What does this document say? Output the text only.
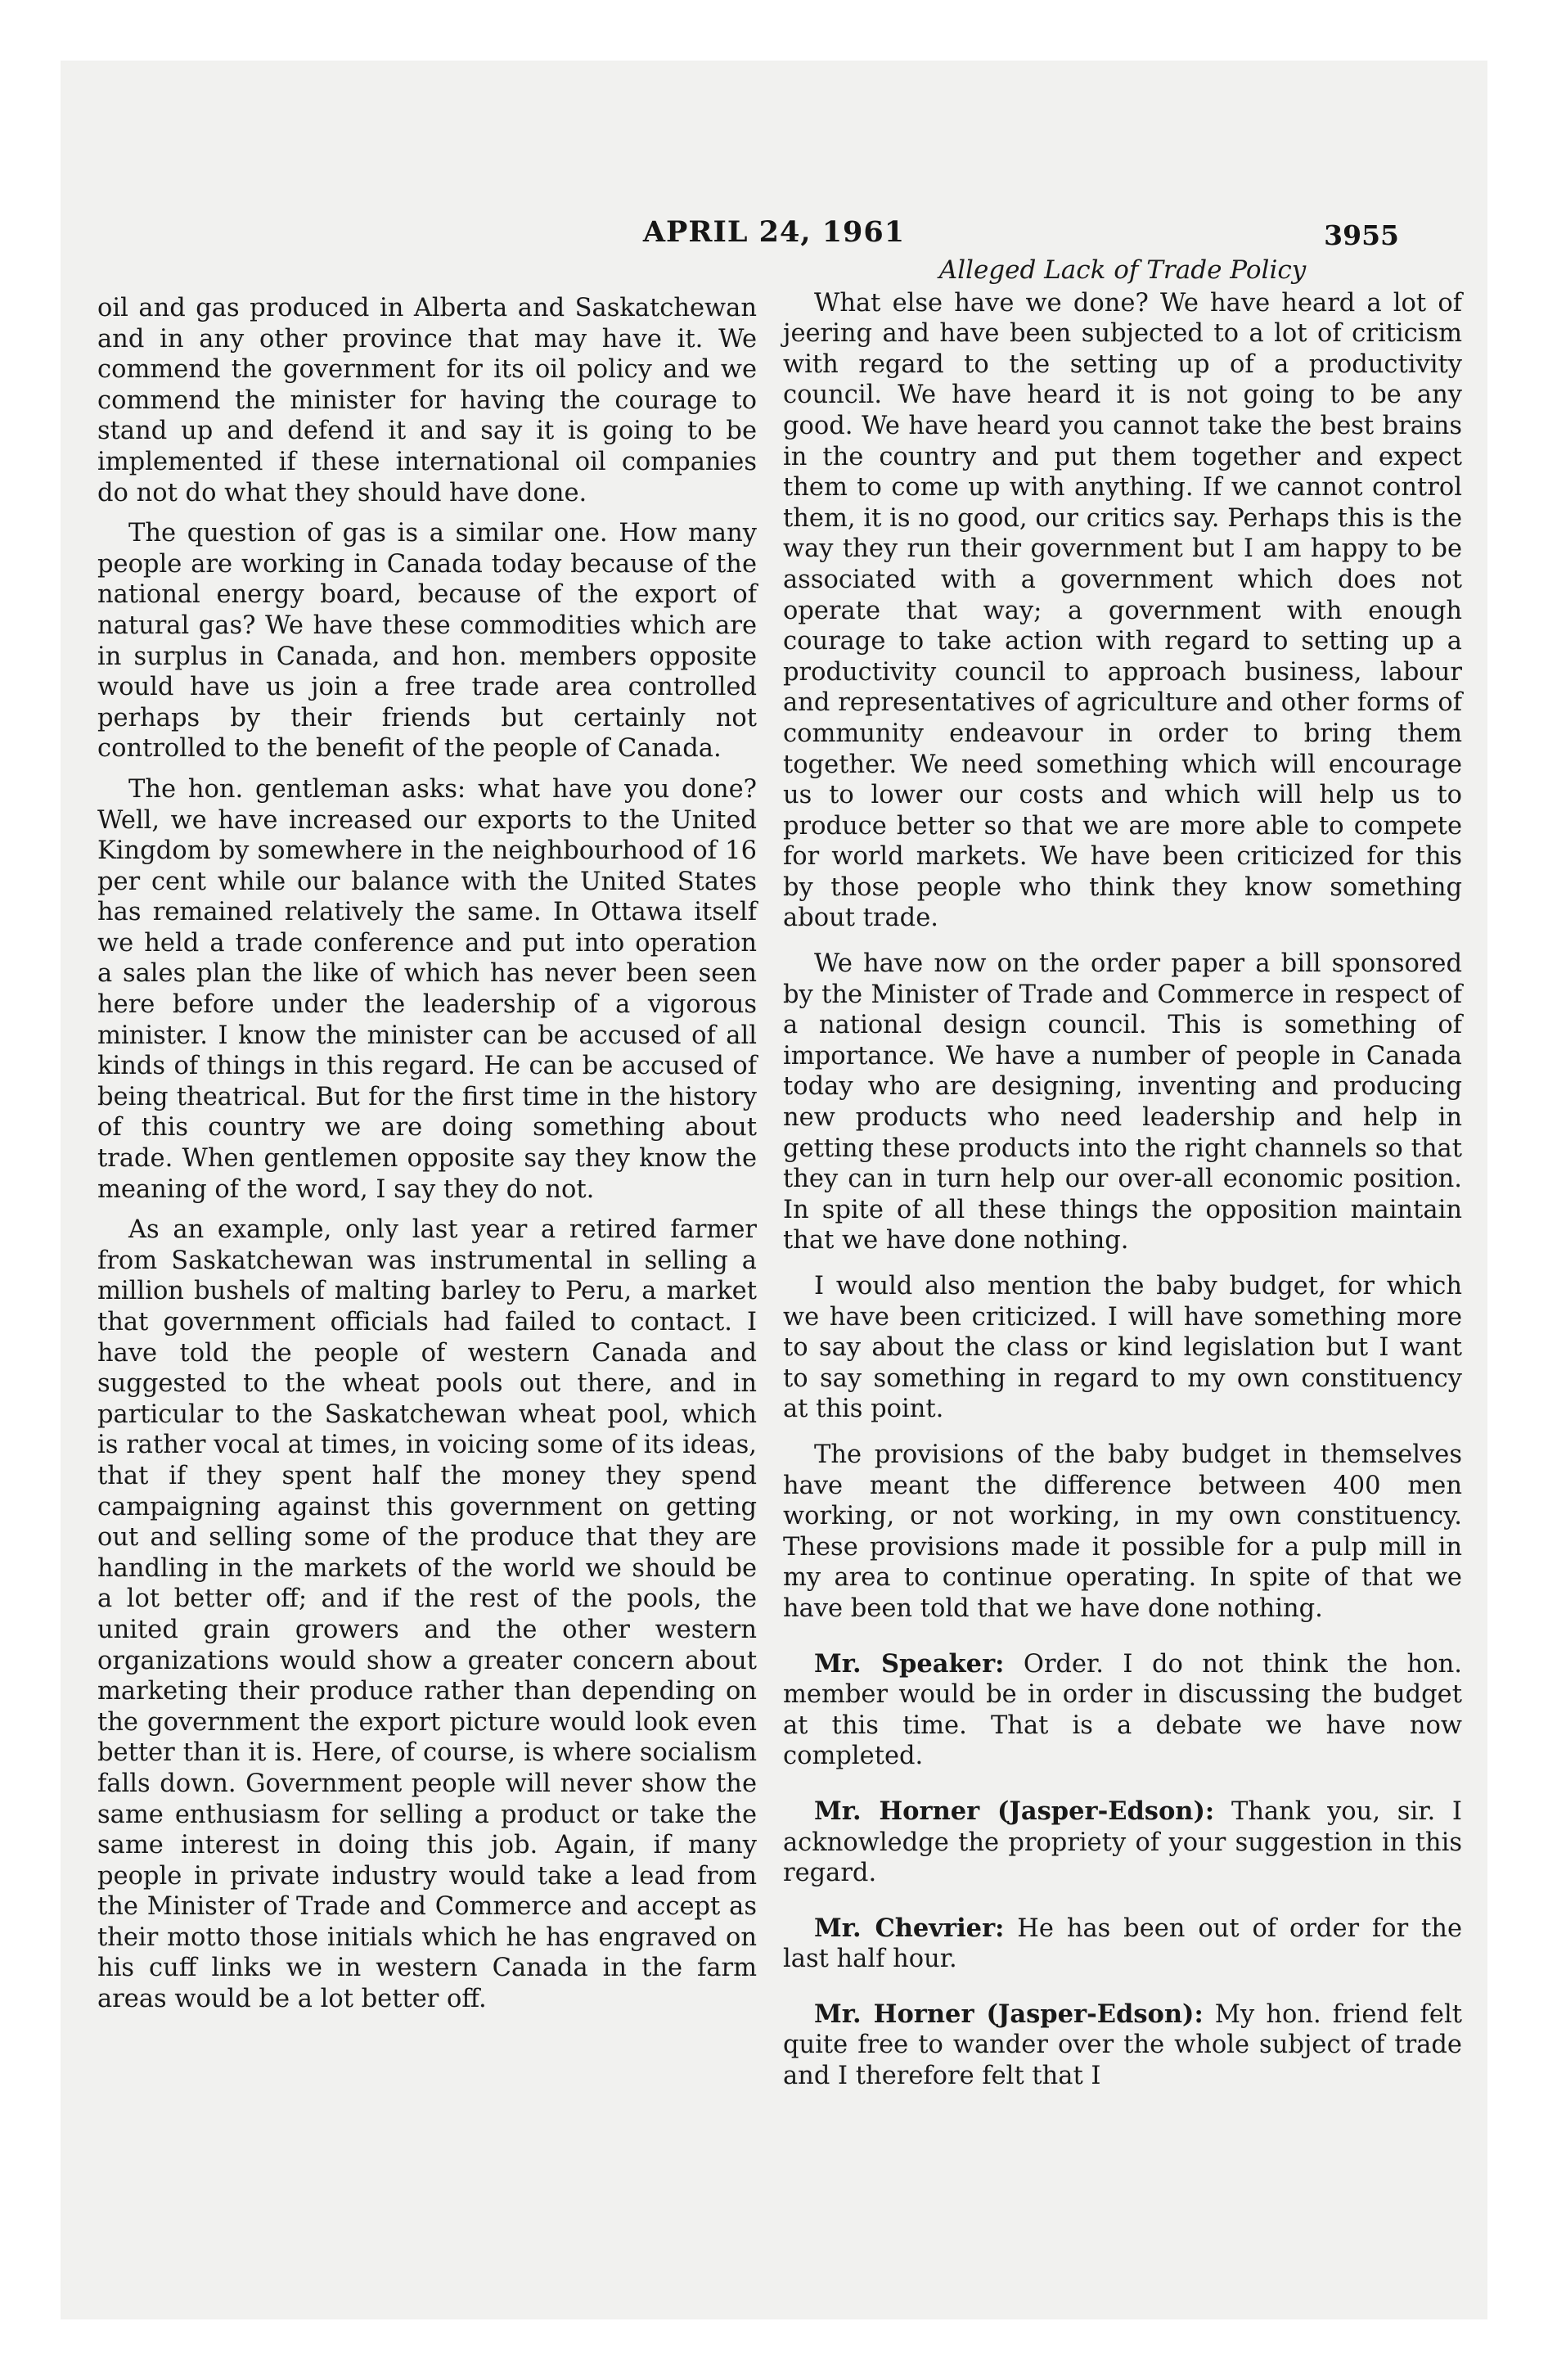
APRIL 24, 1961	3955

oil and gas produced in Alberta and Saskatchewan and in any other province that may have it. We commend the government for its oil policy and we commend the minister for having the courage to stand up and defend it and say it is going to be implemented if these international oil companies do not do what they should have done.

The question of gas is a similar one. How many people are working in Canada today because of the national energy board, because of the export of natural gas? We have these commodities which are in surplus in Canada, and hon. members opposite would have us join a free trade area controlled perhaps by their friends but certainly not controlled to the benefit of the people of Canada.

The hon. gentleman asks: what have you done? Well, we have increased our exports to the United Kingdom by somewhere in the neighbourhood of 16 per cent while our balance with the United States has remained relatively the same. In Ottawa itself we held a trade conference and put into operation a sales plan the like of which has never been seen here before under the leadership of a vigorous minister. I know the minister can be accused of all kinds of things in this regard. He can be accused of being theatrical. But for the first time in the history of this country we are doing something about trade. When gentlemen opposite say they know the meaning of the word, I say they do not.

As an example, only last year a retired farmer from Saskatchewan was instrumental in selling a million bushels of malting barley to Peru, a market that government officials had failed to contact. I have told the people of western Canada and suggested to the wheat pools out there, and in particular to the Saskatchewan wheat pool, which is rather vocal at times, in voicing some of its ideas, that if they spent half the money they spend campaigning against this government on getting out and selling some of the produce that they are handling in the markets of the world we should be a lot better off; and if the rest of the pools, the united grain growers and the other western organizations would show a greater concern about marketing their produce rather than depending on the government the export picture would look even better than it is. Here, of course, is where socialism falls down. Government people will never show the same enthusiasm for selling a product or take the same interest in doing this job. Again, if many people in private industry would take a lead from the Minister of Trade and Commerce and accept as their motto those initials which he has engraved on his cuff links we in western Canada in the farm areas would be a lot better off.

Alleged Lack of Trade Policy

What else have we done? We have heard a lot of jeering and have been subjected to a lot of criticism with regard to the setting up of a productivity council. We have heard it is not going to be any good. We have heard you cannot take the best brains in the country and put them together and expect them to come up with anything. If we cannot control them, it is no good, our critics say. Perhaps this is the way they run their government but I am happy to be associated with a government which does not operate that way; a government with enough courage to take action with regard to setting up a productivity council to approach business, labour and representatives of agriculture and other forms of community endeavour in order to bring them together. We need something which will encourage us to lower our costs and which will help us to produce better so that we are more able to compete for world markets. We have been criticized for this by those people who think they know something about trade.

We have now on the order paper a bill sponsored by the Minister of Trade and Commerce in respect of a national design council. This is something of importance. We have a number of people in Canada today who are designing, inventing and producing new products who need leadership and help in getting these products into the right channels so that they can in turn help our over-all economic position. In spite of all these things the opposition maintain that we have done nothing.

I would also mention the baby budget, for which we have been criticized. I will have something more to say about the class or kind legislation but I want to say something in regard to my own constituency at this point.

The provisions of the baby budget in themselves have meant the difference between 400 men working, or not working, in my own constituency. These provisions made it possible for a pulp mill in my area to continue operating. In spite of that we have been told that we have done nothing.

Mr. Speaker: Order. I do not think the hon. member would be in order in discussing the budget at this time. That is a debate we have now completed.

Mr. Horner (Jasper-Edson): Thank you, sir. I acknowledge the propriety of your suggestion in this regard.

Mr. Chevrier: He has been out of order for the last half hour.

Mr. Horner (Jasper-Edson): My hon. friend felt quite free to wander over the whole subject of trade and I therefore felt that I
